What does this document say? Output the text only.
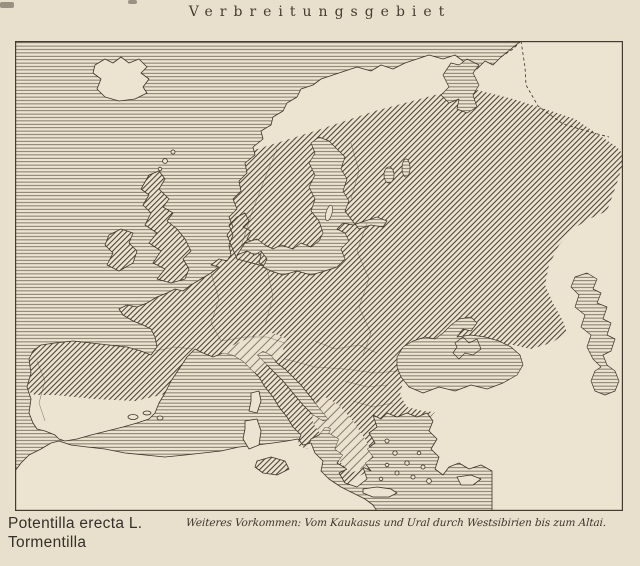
Verbreitungsgebiet
Potentilla erecta L.
Tormentilla
Weiteres Vorkommen: Vom Kaukasus und Ural durch Westsibirien bis zum Altai.
